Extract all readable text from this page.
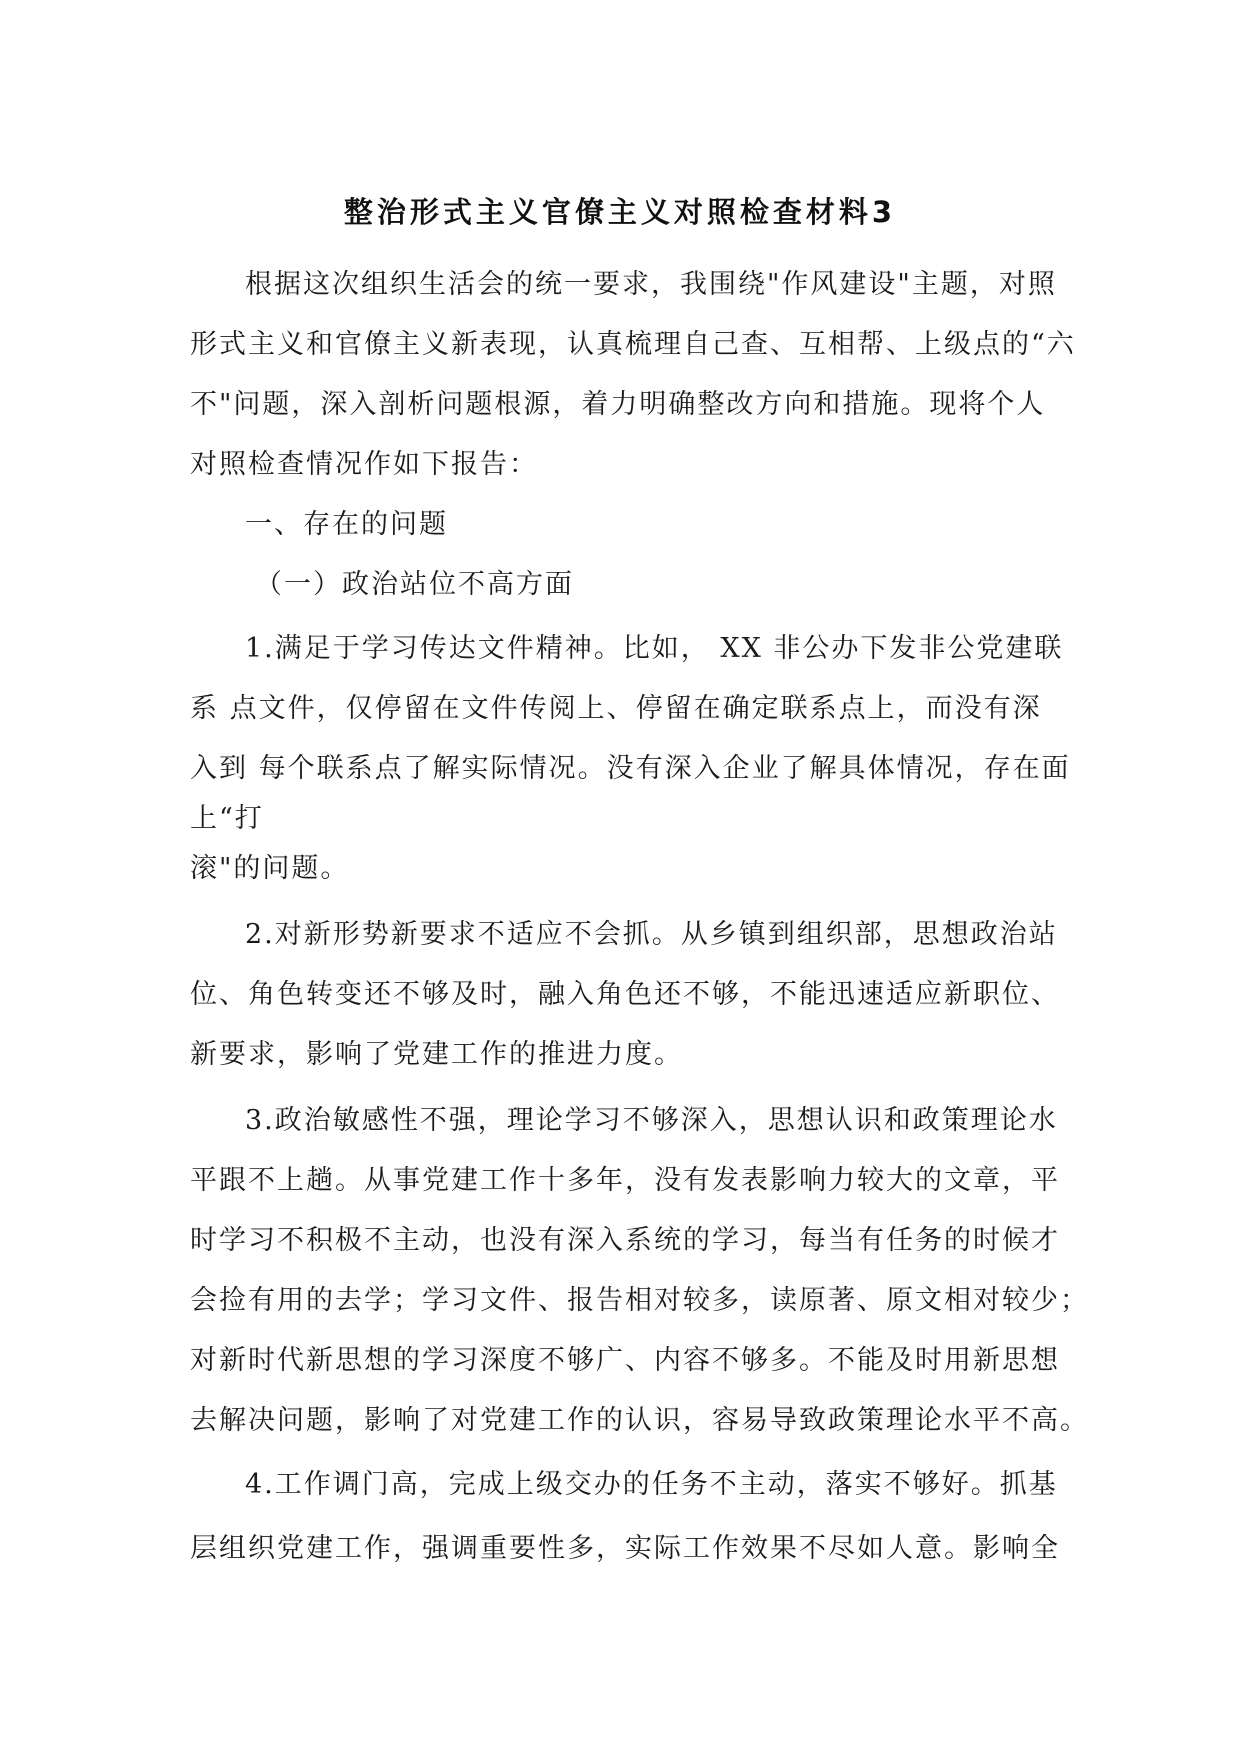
整治形式主义官僚主义对照检查材料3
根据这次组织生活会的统一要求，我围绕"作风建设"主题，对照
形式主义和官僚主义新表现，认真梳理自己查、互相帮、上级点的“六
不"问题，深入剖析问题根源，着力明确整改方向和措施。现将个人
对照检查情况作如下报告：
一、存在的问题
（一）政治站位不高方面
1.满足于学习传达文件精神。比如， XX 非公办下发非公党建联
系 点文件，仅停留在文件传阅上、停留在确定联系点上，而没有深
入到 每个联系点了解实际情况。没有深入企业了解具体情况，存在面
上“打
滚"的问题。
2.对新形势新要求不适应不会抓。从乡镇到组织部，思想政治站
位、角色转变还不够及时，融入角色还不够，不能迅速适应新职位、
新要求，影响了党建工作的推进力度。
3.政治敏感性不强，理论学习不够深入，思想认识和政策理论水
平跟不上趟。从事党建工作十多年，没有发表影响力较大的文章，平
时学习不积极不主动，也没有深入系统的学习，每当有任务的时候才
会捡有用的去学；学习文件、报告相对较多，读原著、原文相对较少；
对新时代新思想的学习深度不够广、内容不够多。不能及时用新思想
去解决问题，影响了对党建工作的认识，容易导致政策理论水平不高。
4.工作调门高，完成上级交办的任务不主动，落实不够好。抓基
层组织党建工作，强调重要性多，实际工作效果不尽如人意。影响全
